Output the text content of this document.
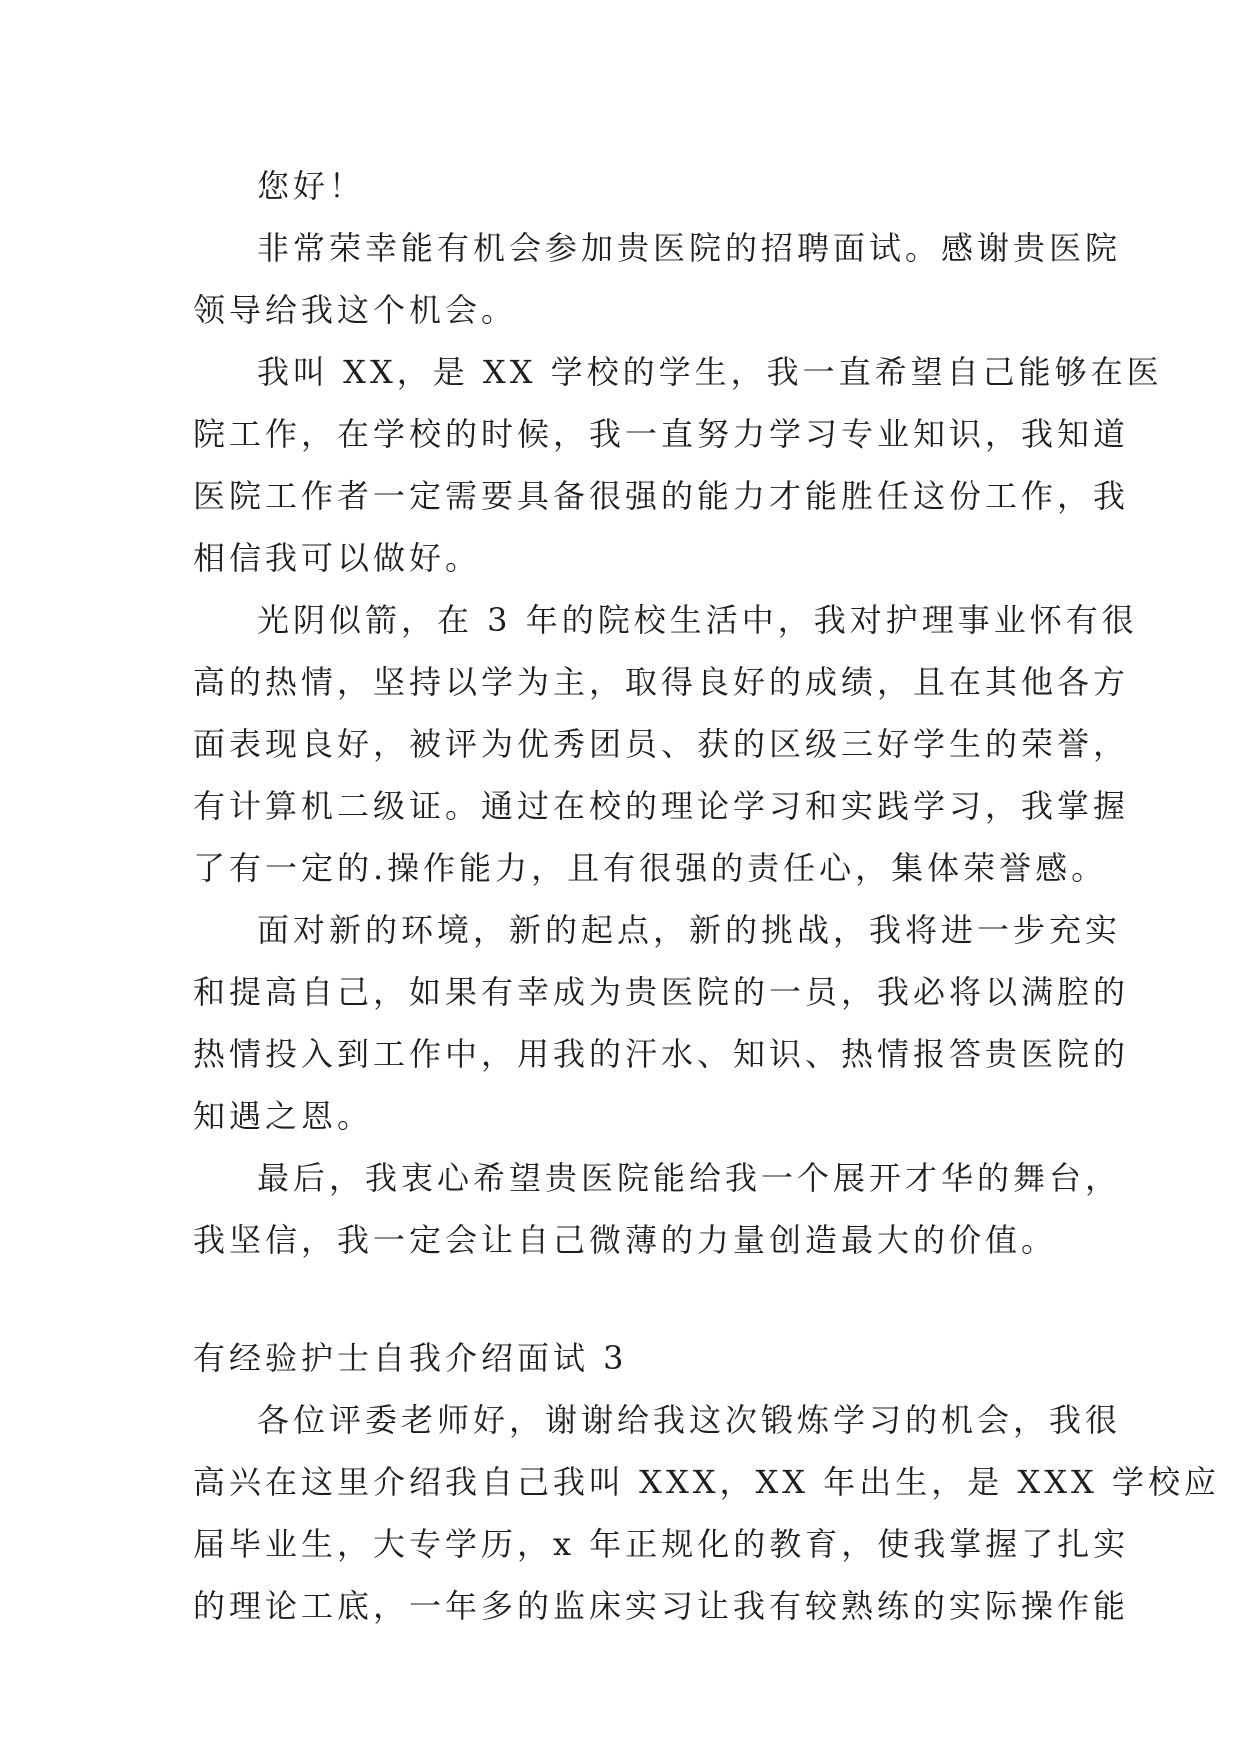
您好！
非常荣幸能有机会参加贵医院的招聘面试。感谢贵医院
领导给我这个机会。
我叫 XX，是 XX 学校的学生，我一直希望自己能够在医
院工作，在学校的时候，我一直努力学习专业知识，我知道
医院工作者一定需要具备很强的能力才能胜任这份工作，我
相信我可以做好。
光阴似箭，在 3 年的院校生活中，我对护理事业怀有很
高的热情，坚持以学为主，取得良好的成绩，且在其他各方
面表现良好，被评为优秀团员、获的区级三好学生的荣誉，
有计算机二级证。通过在校的理论学习和实践学习，我掌握
了有一定的.操作能力，且有很强的责任心，集体荣誉感。
面对新的环境，新的起点，新的挑战，我将进一步充实
和提高自己，如果有幸成为贵医院的一员，我必将以满腔的
热情投入到工作中，用我的汗水、知识、热情报答贵医院的
知遇之恩。
最后，我衷心希望贵医院能给我一个展开才华的舞台，
我坚信，我一定会让自己微薄的力量创造最大的价值。
有经验护士自我介绍面试 3
各位评委老师好，谢谢给我这次锻炼学习的机会，我很
高兴在这里介绍我自己我叫 XXX，XX 年出生，是 XXX 学校应
届毕业生，大专学历，x 年正规化的教育，使我掌握了扎实
的理论工底，一年多的监床实习让我有较熟练的实际操作能
